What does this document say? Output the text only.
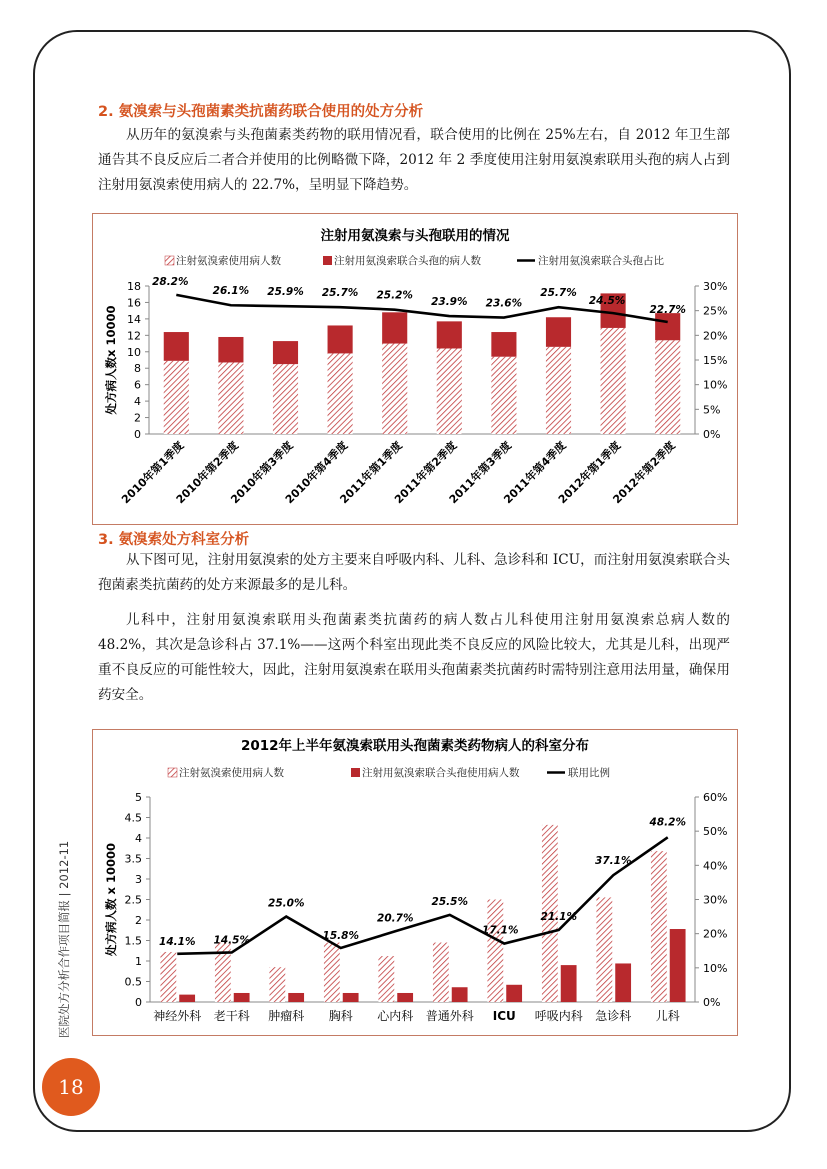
2. 氨溴索与头孢菌素类抗菌药联合使用的处方分析

从历年的氨溴索与头孢菌素类药物的联用情况看，联合使用的比例在 25%左右，自 2012 年卫生部通告其不良反应后二者合并使用的比例略微下降，2012 年 2 季度使用注射用氨溴索联用头孢的病人占到注射用氨溴索使用病人的 22.7%，呈明显下降趋势。

注射用氨溴索与头孢联用的情况
注射氨溴索使用病人数	注射用氨溴索联合头孢的病人数	注射用氨溴索联合头孢占比
0
2
4
6
8
10
12
14
16
18
0%
5%
10%
15%
20%
25%
30%
处方病人数x 10000
2010年第1季度
2010年第2季度
2010年第3季度
2010年第4季度
2011年第1季度
2011年第2季度
2011年第3季度
2011年第4季度
2012年第1季度
2012年第2季度
28.2%
26.1% 25.9% 25.7% 25.2%
23.9% 23.6%
25.7%
24.5%
22.7%
3. 氨溴索处方科室分析

从下图可见，注射用氨溴索的处方主要来自呼吸内科、儿科、急诊科和 ICU，而注射用氨溴索联合头孢菌素类抗菌药的处方来源最多的是儿科。

儿科中，注射用氨溴索联用头孢菌素类抗菌药的病人数占儿科使用注射用氨溴索总病人数的 48.2%，其次是急诊科占 37.1%——这两个科室出现此类不良反应的风险比较大，尤其是儿科，出现严重不良反应的可能性较大，因此，注射用氨溴索在联用头孢菌素类抗菌药时需特别注意用法用量，确保用药安全。

2012年上半年氨溴索联用头孢菌素类药物病人的科室分布
注射氨溴索使用病人数	注射用氨溴索联合头孢使用病人数	联用比例
0
0.5
1
1.5
2
2.5
3
3.5
4
4.5
5
0%
10%
20%
30%
40%
50%
60%
处方病人数 x 10000
神经外科 老干科 肿瘤科 胸科 心内科 普通外科 ICU 呼吸内科 急诊科 儿科
14.1% 14.5%
25.0%
15.8%
20.7%
25.5%
17.1%
21.1%
37.1%
48.2%
医院处方分析合作项目简报 | 2012-11
18
